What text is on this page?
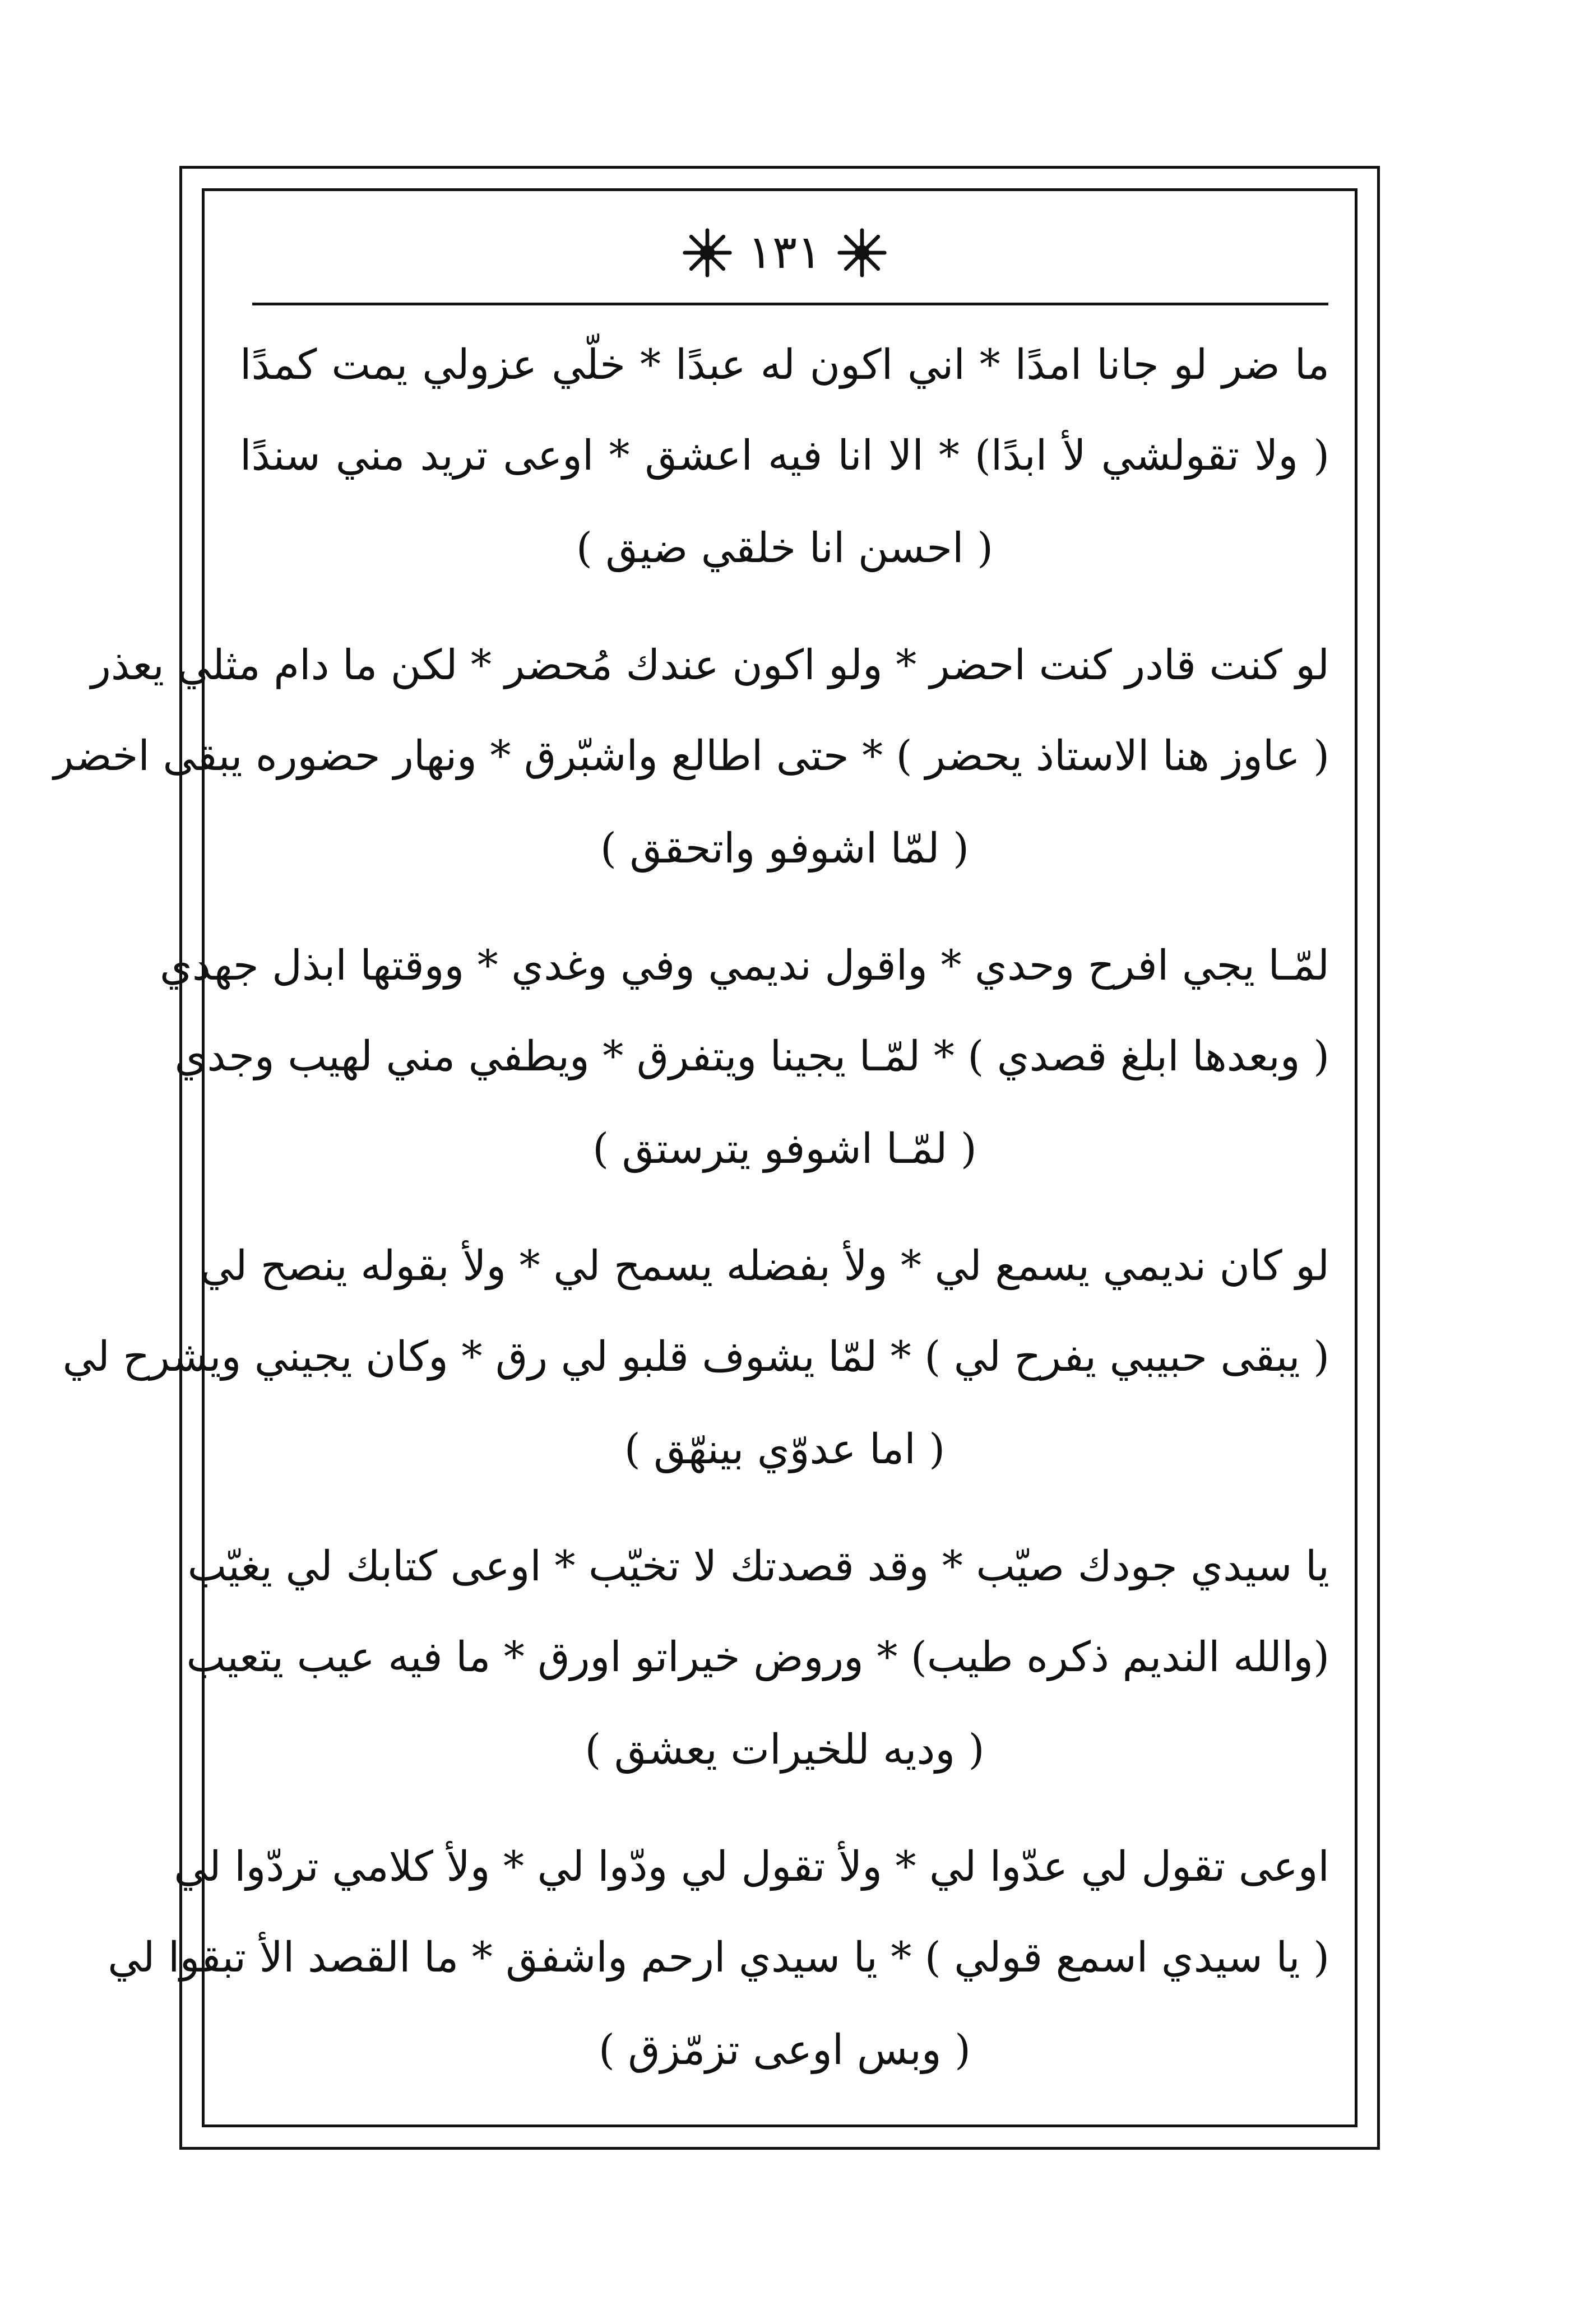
١٣١
ما ضر لو جانا امدًا * اني اكون له عبدًا * خلّي عزولي يمت كمدًا
( ولا تقولشي لأ ابدًا) * الا انا فيه اعشق * اوعى تريد مني سندًا
( احسن انا خلقي ضيق )
لو كنت قادر كنت احضر * ولو اكون عندك مُحضر * لكن ما دام مثلي يعذر
( عاوز هنا الاستاذ يحضر ) * حتى اطالع واشبّرق * ونهار حضوره يبقى اخضر
( لمّا اشوفو واتحقق )
لمّـا يجي افرح وحدي * واقول نديمي وفي وغدي * ووقتها ابذل جهدي
( وبعدها ابلغ قصدي ) * لمّـا يجينا ويتفرق * ويطفي مني لهيب وجدي
( لمّـا اشوفو يترستق )
لو كان نديمي يسمع لي * ولأ بفضله يسمح لي * ولأ بقوله ينصح لي
( يبقى حبيبي يفرح لي ) * لمّا يشوف قلبو لي رق * وكان يجيني ويشرح لي
( اما عدوّي بينهّق )
يا سيدي جودك صيّب * وقد قصدتك لا تخيّب * اوعى كتابك لي يغيّب
(والله النديم ذكره طيب) * وروض خيراتو اورق * ما فيه عيب يتعيب
( وديه للخيرات يعشق )
اوعى تقول لي عدّوا لي * ولأ تقول لي ودّوا لي * ولأ كلامي تردّوا لي
( يا سيدي اسمع قولي ) * يا سيدي ارحم واشفق * ما القصد الأ تبقوا لي
( وبس اوعى تزمّزق )
